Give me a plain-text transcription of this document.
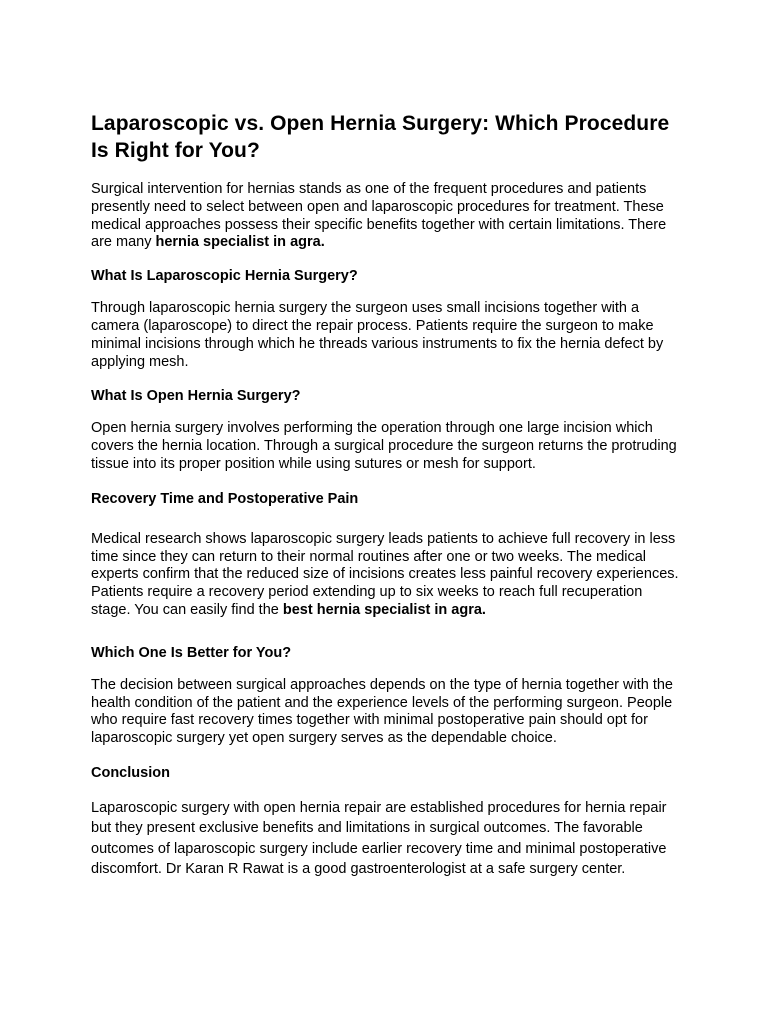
Laparoscopic vs. Open Hernia Surgery: Which Procedure Is Right for You?

Surgical intervention for hernias stands as one of the frequent procedures and patients presently need to select between open and laparoscopic procedures for treatment. These medical approaches possess their specific benefits together with certain limitations. There are many hernia specialist in agra.

What Is Laparoscopic Hernia Surgery?

Through laparoscopic hernia surgery the surgeon uses small incisions together with a camera (laparoscope) to direct the repair process. Patients require the surgeon to make minimal incisions through which he threads various instruments to fix the hernia defect by applying mesh.

What Is Open Hernia Surgery?

Open hernia surgery involves performing the operation through one large incision which covers the hernia location. Through a surgical procedure the surgeon returns the protruding tissue into its proper position while using sutures or mesh for support.

Recovery Time and Postoperative Pain

Medical research shows laparoscopic surgery leads patients to achieve full recovery in less time since they can return to their normal routines after one or two weeks. The medical experts confirm that the reduced size of incisions creates less painful recovery experiences. Patients require a recovery period extending up to six weeks to reach full recuperation stage. You can easily find the best hernia specialist in agra.

Which One Is Better for You?

The decision between surgical approaches depends on the type of hernia together with the health condition of the patient and the experience levels of the performing surgeon. People who require fast recovery times together with minimal postoperative pain should opt for laparoscopic surgery yet open surgery serves as the dependable choice.

Conclusion

Laparoscopic surgery with open hernia repair are established procedures for hernia repair but they present exclusive benefits and limitations in surgical outcomes. The favorable outcomes of laparoscopic surgery include earlier recovery time and minimal postoperative discomfort. Dr Karan R Rawat is a good gastroenterologist at a safe surgery center.
